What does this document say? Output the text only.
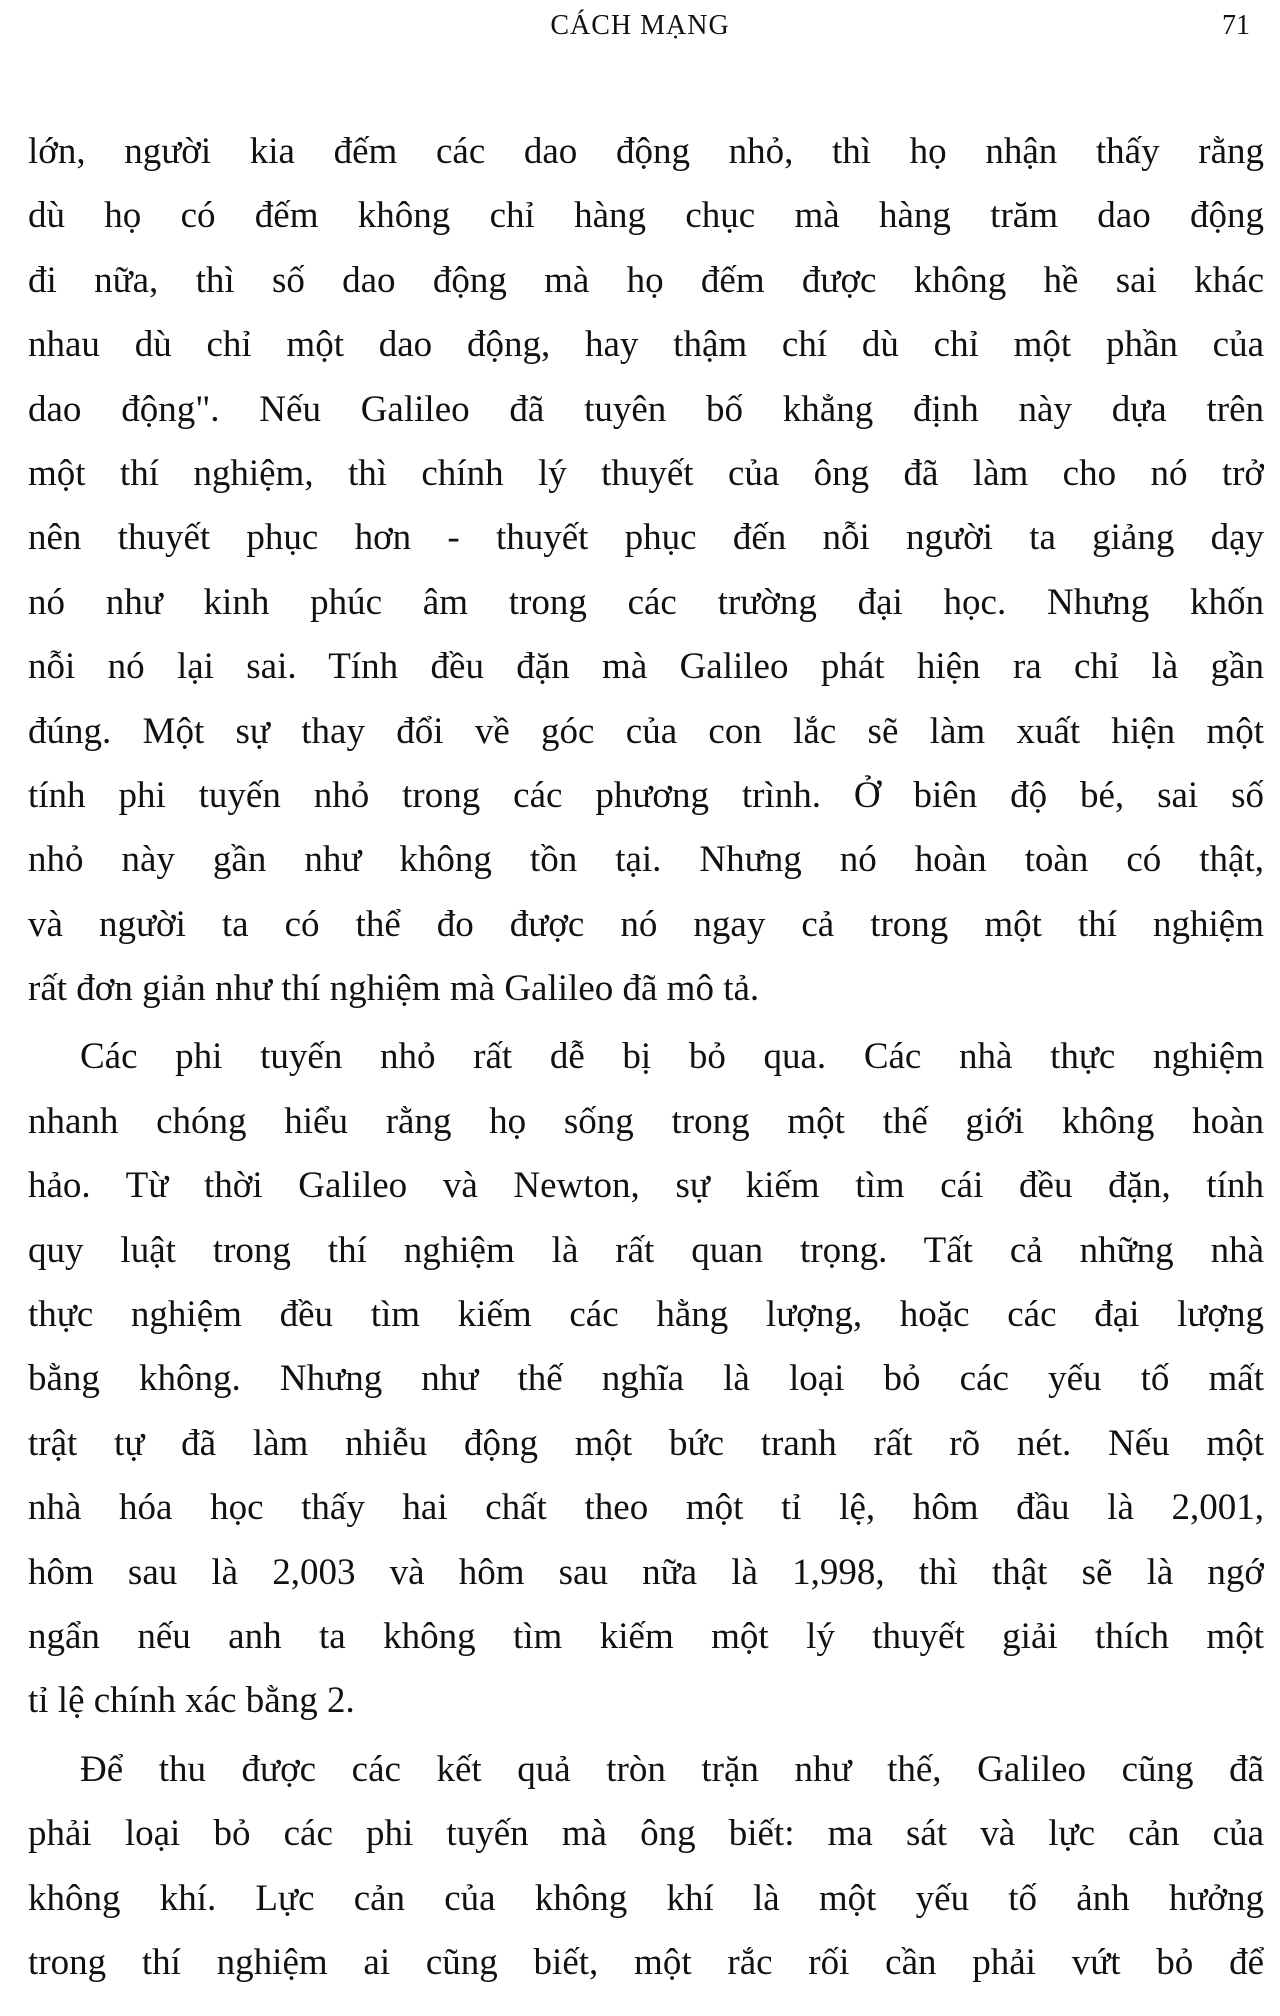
CÁCH MẠNG	71
lớn, người kia đếm các dao động nhỏ, thì họ nhận thấy rằng
dù họ có đếm không chỉ hàng chục mà hàng trăm dao động
đi nữa, thì số dao động mà họ đếm được không hề sai khác
nhau dù chỉ một dao động, hay thậm chí dù chỉ một phần của
dao động". Nếu Galileo đã tuyên bố khẳng định này dựa trên
một thí nghiệm, thì chính lý thuyết của ông đã làm cho nó trở
nên thuyết phục hơn - thuyết phục đến nỗi người ta giảng dạy
nó như kinh phúc âm trong các trường đại học. Nhưng khốn
nỗi nó lại sai. Tính đều đặn mà Galileo phát hiện ra chỉ là gần
đúng. Một sự thay đổi về góc của con lắc sẽ làm xuất hiện một
tính phi tuyến nhỏ trong các phương trình. Ở biên độ bé, sai số
nhỏ này gần như không tồn tại. Nhưng nó hoàn toàn có thật,
và người ta có thể đo được nó ngay cả trong một thí nghiệm
rất đơn giản như thí nghiệm mà Galileo đã mô tả.
Các phi tuyến nhỏ rất dễ bị bỏ qua. Các nhà thực nghiệm
nhanh chóng hiểu rằng họ sống trong một thế giới không hoàn
hảo. Từ thời Galileo và Newton, sự kiếm tìm cái đều đặn, tính
quy luật trong thí nghiệm là rất quan trọng. Tất cả những nhà
thực nghiệm đều tìm kiếm các hằng lượng, hoặc các đại lượng
bằng không. Nhưng như thế nghĩa là loại bỏ các yếu tố mất
trật tự đã làm nhiễu động một bức tranh rất rõ nét. Nếu một
nhà hóa học thấy hai chất theo một tỉ lệ, hôm đầu là 2,001,
hôm sau là 2,003 và hôm sau nữa là 1,998, thì thật sẽ là ngớ
ngẩn nếu anh ta không tìm kiếm một lý thuyết giải thích một
tỉ lệ chính xác bằng 2.
Để thu được các kết quả tròn trặn như thế, Galileo cũng đã
phải loại bỏ các phi tuyến mà ông biết: ma sát và lực cản của
không khí. Lực cản của không khí là một yếu tố ảnh hưởng
trong thí nghiệm ai cũng biết, một rắc rối cần phải vứt bỏ để
